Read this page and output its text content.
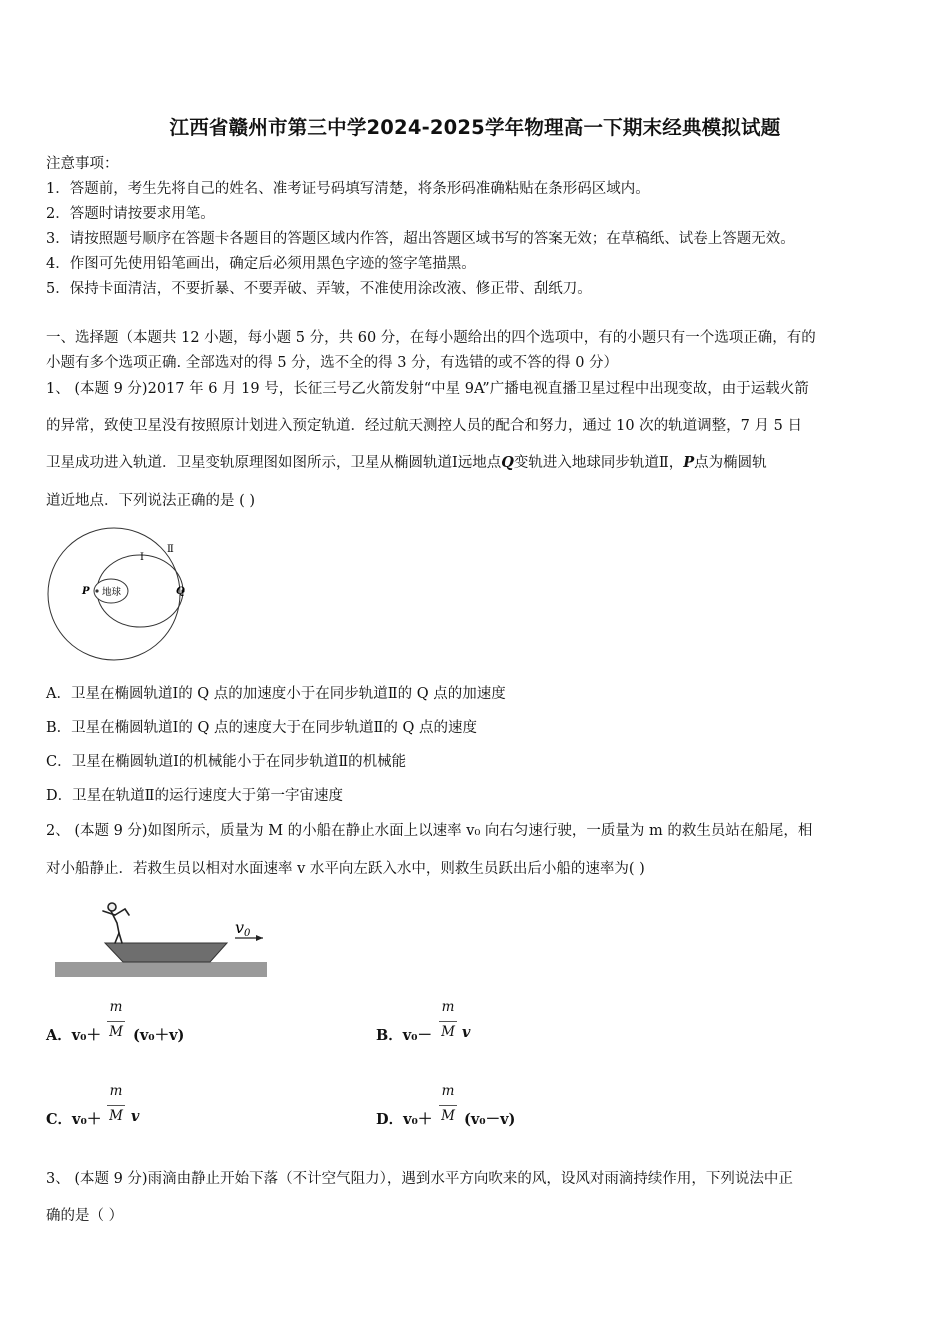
江西省赣州市第三中学2024-2025学年物理高一下期末经典模拟试题
注意事项：
1．答题前，考生先将自己的姓名、准考证号码填写清楚，将条形码准确粘贴在条形码区域内。
2．答题时请按要求用笔。
3．请按照题号顺序在答题卡各题目的答题区域内作答，超出答题区域书写的答案无效；在草稿纸、试卷上答题无效。
4．作图可先使用铅笔画出，确定后必须用黑色字迹的签字笔描黑。
5．保持卡面清洁，不要折暴、不要弄破、弄皱，不准使用涂改液、修正带、刮纸刀。
一、选择题（本题共 12 小题，每小题 5 分，共 60 分，在每小题给出的四个选项中，有的小题只有一个选项正确，有的
小题有多个选项正确. 全部选对的得 5 分，选不全的得 3 分，有选错的或不答的得 0 分）
1、 (本题 9 分)2017 年 6 月 19 号，长征三号乙火箭发射“中星 9A”广播电视直播卫星过程中出现变故，由于运载火箭
的异常，致使卫星没有按照原计划进入预定轨道．经过航天测控人员的配合和努力，通过 10 次的轨道调整，7 月 5 日
卫星成功进入轨道．卫星变轨原理图如图所示，卫星从椭圆轨道Ⅰ远地点Q变轨进入地球同步轨道Ⅱ，P点为椭圆轨
道近地点．下列说法正确的是 ( )
地球
P	Q
Ⅰ
Ⅱ
A．卫星在椭圆轨道Ⅰ的 Q 点的加速度小于在同步轨道Ⅱ的 Q 点的加速度
B．卫星在椭圆轨道Ⅰ的 Q 点的速度大于在同步轨道Ⅱ的 Q 点的速度
C．卫星在椭圆轨道Ⅰ的机械能小于在同步轨道Ⅱ的机械能
D．卫星在轨道Ⅱ的运行速度大于第一宇宙速度
2、 (本题 9 分)如图所示，质量为 M 的小船在静止水面上以速率 v₀ 向右匀速行驶，一质量为 m 的救生员站在船尾，相
对小船静止．若救生员以相对水面速率 v 水平向左跃入水中，则救生员跃出后小船的速率为( )
v0
A．v₀＋
m
M (v₀＋v)	B．v₀－
m
M v
C．v₀＋
m
M v	D．v₀＋
m
M (v₀－v)
3、 (本题 9 分)雨滴由静止开始下落（不计空气阻力），遇到水平方向吹来的风，设风对雨滴持续作用，下列说法中正
确的是（ ）
